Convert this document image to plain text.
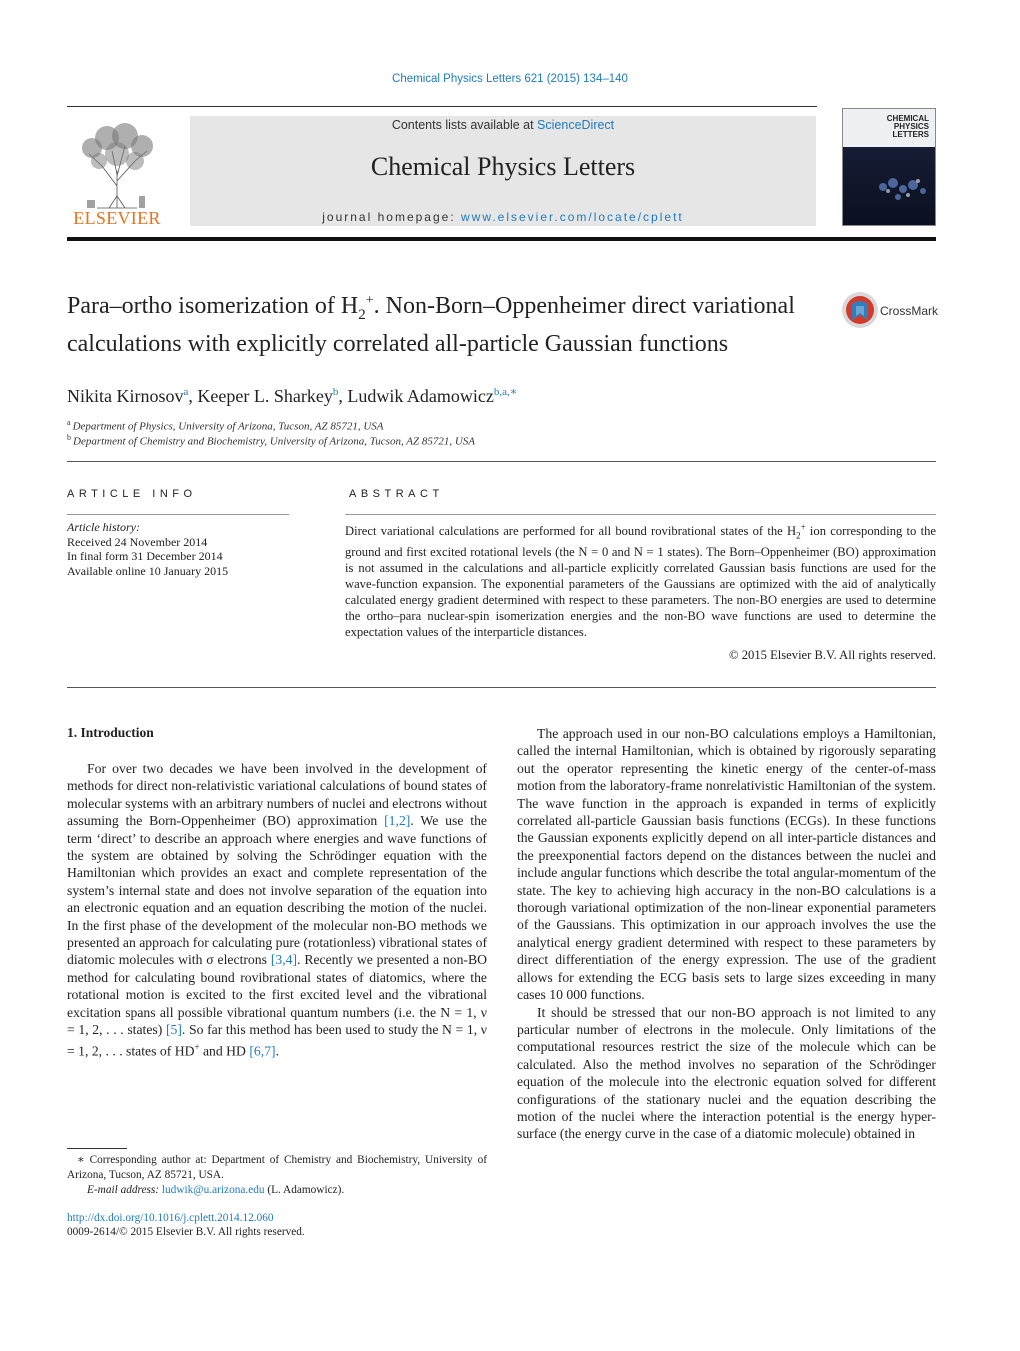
Chemical Physics Letters 621 (2015) 134–140
ELSEVIER
Contents lists available at ScienceDirect
Chemical Physics Letters
journal homepage: www.elsevier.com/locate/cplett
CHEMICAL
PHYSICS
LETTERS
Para–ortho isomerization of $H_2^+$. Non-Born–Oppenheimer direct variational calculations with explicitly correlated all-particle Gaussian functions
CrossMark
Nikita Kirnosov$^a$, Keeper L. Sharkey$^b$, Ludwik Adamowicz$^{b,a,∗}$
$^a$ Department of Physics, University of Arizona, Tucson, AZ 85721, USA
$^b$ Department of Chemistry and Biochemistry, University of Arizona, Tucson, AZ 85721, USA
ARTICLE INFO	ABSTRACT
Article history:
Received 24 November 2014
In final form 31 December 2014
Available online 10 January 2015
Direct variational calculations are performed for all bound rovibrational states of the $H_2^+$ ion corresponding to the ground and first excited rotational levels (the N = 0 and N = 1 states). The Born–Oppenheimer (BO) approximation is not assumed in the calculations and all-particle explicitly correlated Gaussian basis functions are used for the wave-function expansion. The exponential parameters of the Gaussians are optimized with the aid of analytically calculated energy gradient determined with respect to these parameters. The non-BO energies are used to determine the ortho–para nuclear-spin isomerization energies and the non-BO wave functions are used to determine the expectation values of the interparticle distances.
© 2015 Elsevier B.V. All rights reserved.
1. Introduction

For over two decades we have been involved in the development of methods for direct non-relativistic variational calculations of bound states of molecular systems with an arbitrary numbers of nuclei and electrons without assuming the Born-Oppenheimer (BO) approximation [1,2]. We use the term ‘direct’ to describe an approach where energies and wave functions of the system are obtained by solving the Schrödinger equation with the Hamiltonian which provides an exact and complete representation of the system’s internal state and does not involve separation of the equation into an electronic equation and an equation describing the motion of the nuclei. In the first phase of the development of the molecular non-BO methods we presented an approach for calculating pure (rotationless) vibrational states of diatomic molecules with σ electrons [3,4]. Recently we presented a non-BO method for calculating bound rovibrational states of diatomics, where the rotational motion is excited to the first excited level and the vibrational excitation spans all possible vibrational quantum numbers (i.e. the N = 1, ν = 1, 2, . . . states) [5]. So far this method has been used to study the N = 1, ν = 1, 2, . . . states of HD+ and HD [6,7].

The approach used in our non-BO calculations employs a Hamiltonian, called the internal Hamiltonian, which is obtained by rigorously separating out the operator representing the kinetic energy of the center-of-mass motion from the laboratory-frame nonrelativistic Hamiltonian of the system. The wave function in the approach is expanded in terms of explicitly correlated all-particle Gaussian basis functions (ECGs). In these functions the Gaussian exponents explicitly depend on all inter-particle distances and the preexponential factors depend on the distances between the nuclei and include angular functions which describe the total angular-momentum of the state. The key to achieving high accuracy in the non-BO calculations is a thorough variational optimization of the non-linear exponential parameters of the Gaussians. This optimization in our approach involves the use the analytical energy gradient determined with respect to these parameters by direct differentiation of the energy expression. The use of the gradient allows for extending the ECG basis sets to large sizes exceeding in many cases 10 000 functions.

It should be stressed that our non-BO approach is not limited to any particular number of electrons in the molecule. Only limitations of the computational resources restrict the size of the molecule which can be calculated. Also the method involves no separation of the Schrödinger equation of the molecule into the electronic equation solved for different configurations of the stationary nuclei and the equation describing the motion of the nuclei where the interaction potential is the energy hyper-surface (the energy curve in the case of a diatomic molecule) obtained in

∗ Corresponding author at: Department of Chemistry and Biochemistry, University of Arizona, Tucson, AZ 85721, USA.
E-mail address: ludwik@u.arizona.edu (L. Adamowicz).
http://dx.doi.org/10.1016/j.cplett.2014.12.060
0009-2614/© 2015 Elsevier B.V. All rights reserved.
